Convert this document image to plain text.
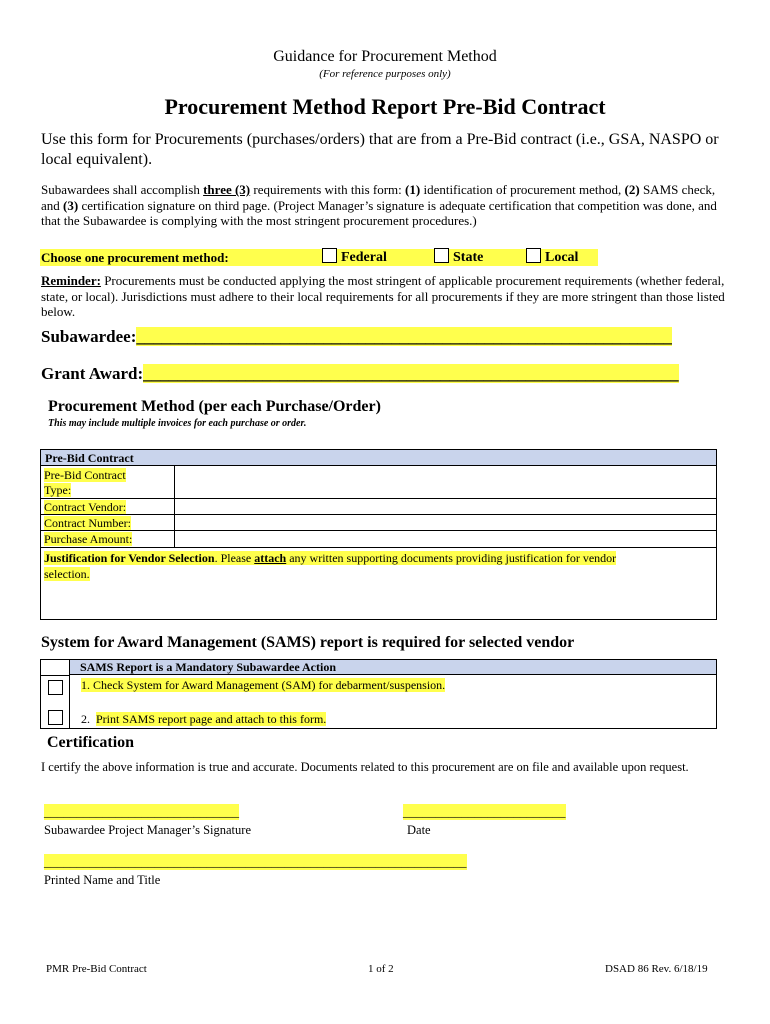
Guidance for Procurement Method
(For reference purposes only)
Procurement Method Report Pre-Bid Contract
Use this form for Procurements (purchases/orders) that are from a Pre-Bid contract (i.e., GSA, NASPO or local equivalent).
Subawardees shall accomplish three (3) requirements with this form: (1) identification of procurement method, (2) SAMS check, and (3) certification signature on third page. (Project Manager’s signature is adequate certification that competition was done, and that the Subawardee is complying with the most stringent procurement procedures.)
Choose one procurement method:	Federal	State	Local
Reminder: Procurements must be conducted applying the most stringent of applicable procurement requirements (whether federal, state, or local). Jurisdictions must adhere to their local requirements for all procurements if they are more stringent than those listed below.
Subawardee:_______________________________________________________________
Grant Award:_______________________________________________________________
Procurement Method (per each Purchase/Order)
This may include multiple invoices for each purchase or order.
Pre-Bid Contract
Pre-Bid Contract
Type:
Contract Vendor:
Contract Number:
Purchase Amount:
Justification for Vendor Selection. Please attach any written supporting documents providing justification for vendor
selection.
System for Award Management (SAMS) report is required for selected vendor
SAMS Report is a Mandatory Subawardee Action
1. Check System for Award Management (SAM) for debarment/suspension.
2. Print SAMS report page and attach to this form.
Certification
I certify the above information is true and accurate. Documents related to this procurement are on file and available upon request.
______________________________
Subawardee Project Manager’s Signature
_________________________
Date
_________________________________________________________________
Printed Name and Title
PMR Pre-Bid Contract	1 of 2	DSAD 86 Rev. 6/18/19
